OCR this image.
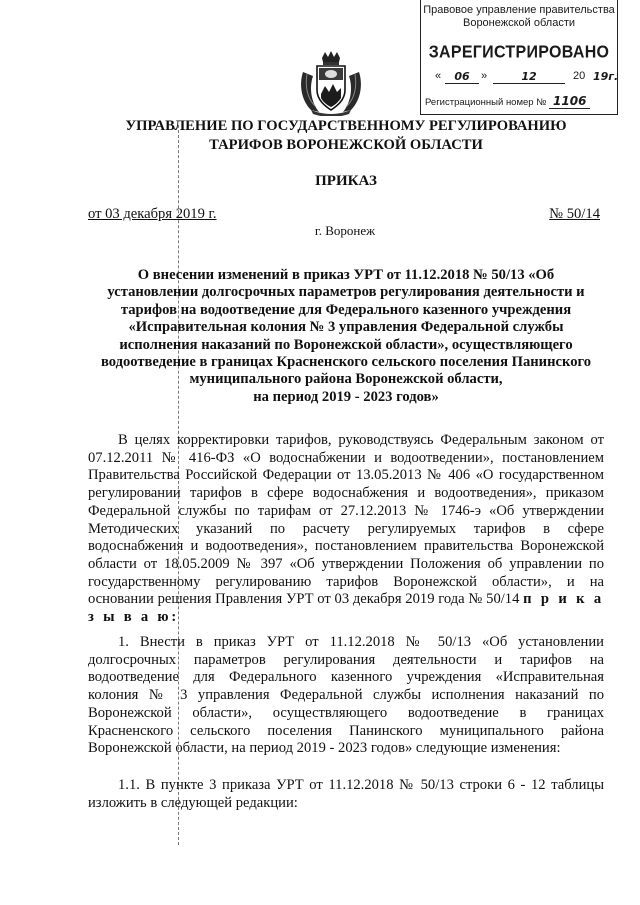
Правовое управление правительства
Воронежской области
ЗАРЕГИСТРИРОВАНО
«	06	»	12	20 19г.
Регистрационный номер № 1106
УПРАВЛЕНИЕ ПО ГОСУДАРСТВЕННОМУ РЕГУЛИРОВАНИЮ
ТАРИФОВ ВОРОНЕЖСКОЙ ОБЛАСТИ
ПРИКАЗ
от 03 декабря 2019 г.	№ 50/14
г. Воронеж
О внесении изменений в приказ УРТ от 11.12.2018 № 50/13 «Об
установлении долгосрочных параметров регулирования деятельности и
тарифов на водоотведение для Федерального казенного учреждения
«Исправительная колония № 3 управления Федеральной службы
исполнения наказаний по Воронежской области», осуществляющего
водоотведение в границах Красненского сельского поселения Панинского
муниципального района Воронежской области,
на период 2019 - 2023 годов»
В целях корректировки тарифов, руководствуясь Федеральным законом от 07.12.2011 № 416-ФЗ «О водоснабжении и водоотведении», постановлением Правительства Российской Федерации от 13.05.2013 № 406 «О государственном регулировании тарифов в сфере водоснабжения и водоотведения», приказом Федеральной службы по тарифам от 27.12.2013 № 1746-э «Об утверждении Методических указаний по расчету регулируемых тарифов в сфере водоснабжения и водоотведения», постановлением правительства Воронежской области от 18.05.2009 № 397 «Об утверждении Положения об управлении по государственному регулированию тарифов Воронежской области», и на основании решения Правления УРТ от 03 декабря 2019 года № 50/14 п р и к а з ы в а ю:
1. Внести в приказ УРТ от 11.12.2018 № 50/13 «Об установлении долгосрочных параметров регулирования деятельности и тарифов на водоотведение для Федерального казенного учреждения «Исправительная колония № 3 управления Федеральной службы исполнения наказаний по Воронежской области», осуществляющего водоотведение в границах Красненского сельского поселения Панинского муниципального района Воронежской области, на период 2019 - 2023 годов» следующие изменения:
1.1. В пункте 3 приказа УРТ от 11.12.2018 № 50/13 строки 6 - 12 таблицы изложить в следующей редакции:
